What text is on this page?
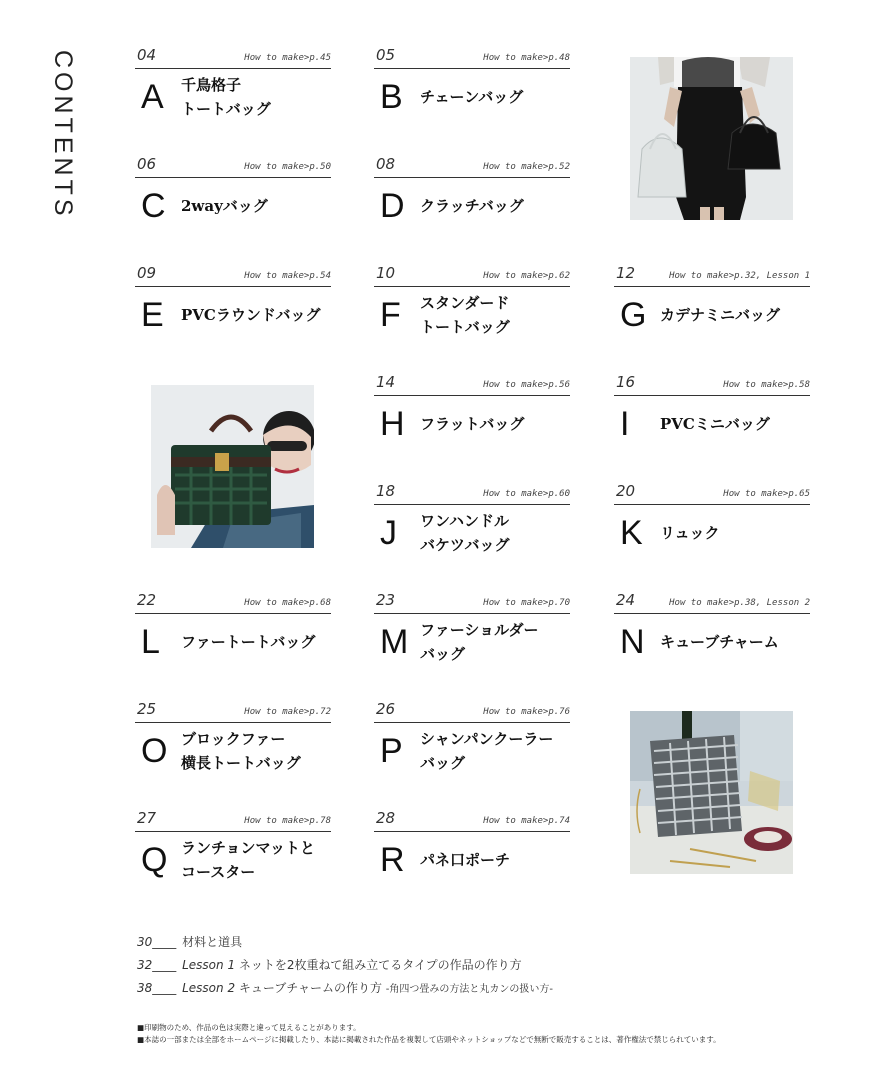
CONTENTS	04	How to make>p.45
A 千鳥格子
トートバッグ
05	How to make>p.48
B チェーンバッグ
06	How to make>p.50
C 2wayバッグ
08	How to make>p.52
D クラッチバッグ
09	How to make>p.54
E PVCラウンドバッグ
10	How to make>p.62
F スタンダード
トートバッグ
12	How to make>p.32, Lesson 1
G カデナミニバッグ
14	How to make>p.56
H フラットバッグ
16	How to make>p.58
I PVCミニバッグ
18	How to make>p.60
J ワンハンドル
バケツバッグ
20	How to make>p.65
K リュック
22	How to make>p.68
L ファートートバッグ
23	How to make>p.70
M ファーショルダー
バッグ
24	How to make>p.38, Lesson 2
N キューブチャーム
25	How to make>p.72
O ブロックファー
横長トートバッグ
26	How to make>p.76
P シャンパンクーラー
バッグ
27	How to make>p.78
Q ランチョンマットと
コースター
28	How to make>p.74
R パネ口ポーチ
30____ 材料と道具
32____ Lesson 1 ネットを2枚重ねて組み立てるタイプの作品の作り方
38____ Lesson 2 キューブチャームの作り方 -角四つ畳みの方法と丸カンの扱い方-
■印刷物のため、作品の色は実際と違って見えることがあります。
■本誌の一部または全部をホームページに掲載したり、本誌に掲載された作品を複製して店頭やネットショップなどで無断で販売することは、著作権法で禁じられています。
